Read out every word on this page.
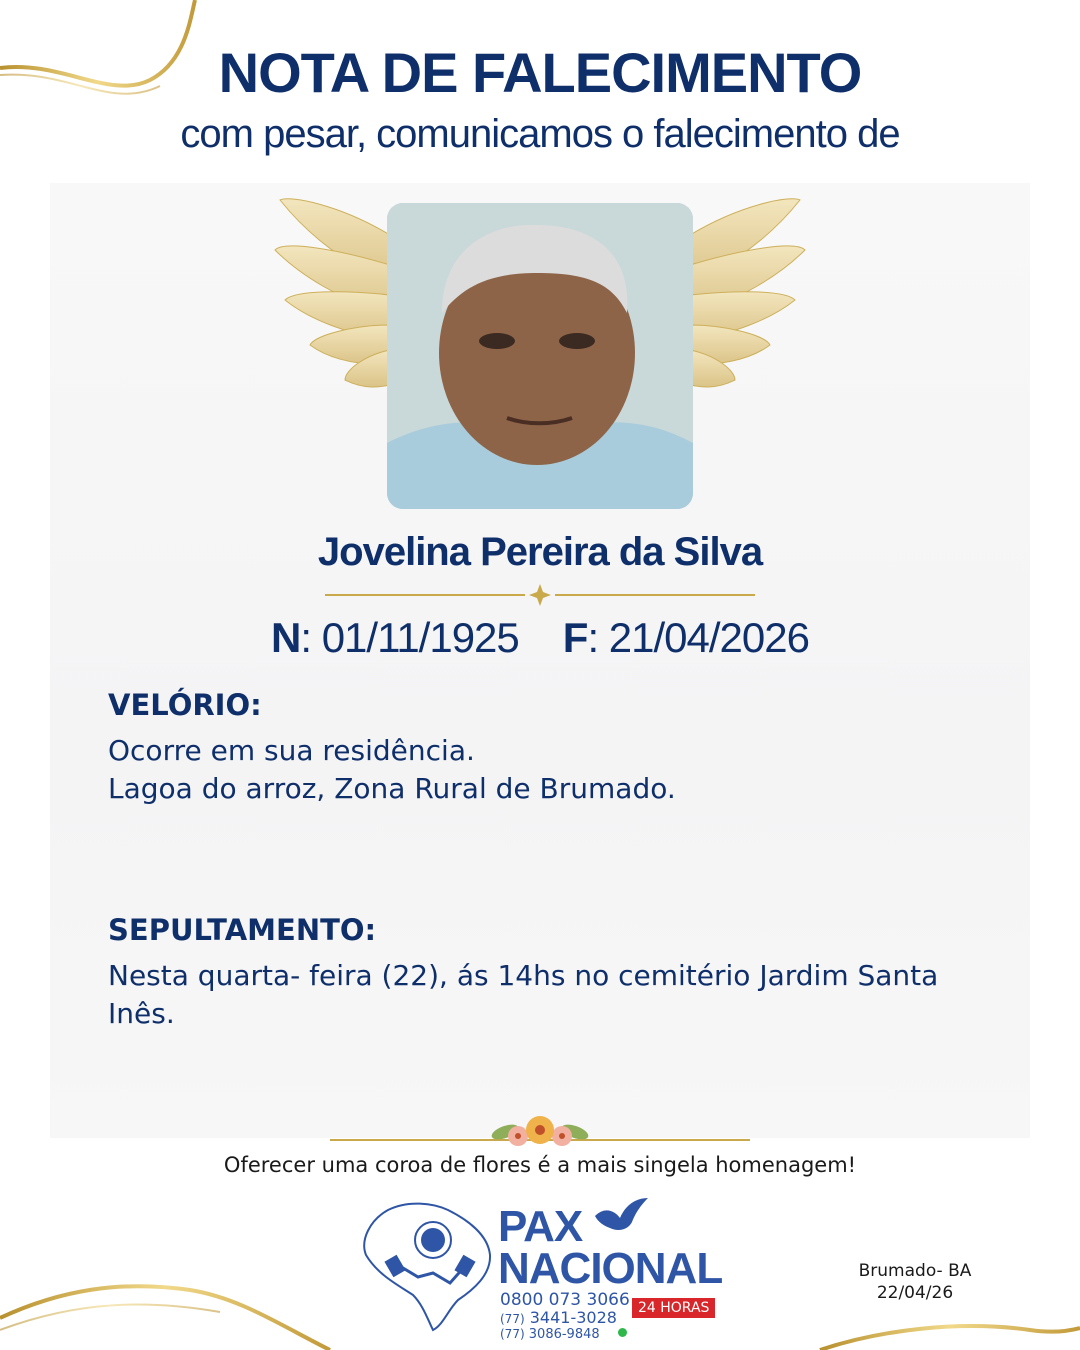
NOTA DE FALECIMENTO
com pesar, comunicamos o falecimento de
Jovelina Pereira da Silva
N: 01/11/1925 F: 21/04/2026
VELÓRIO:
Ocorre em sua residência.
Lagoa do arroz, Zona Rural de Brumado.
SEPULTAMENTO:
Nesta quarta- feira (22), ás 14hs no cemitério Jardim Santa
Inês.
Oferecer uma coroa de flores é a mais singela homenagem!
PAX
NACIONAL
0800 073 3066
(77) 3441-3028
(77) 3086-9848
24 HORAS
Brumado- BA
22/04/26
